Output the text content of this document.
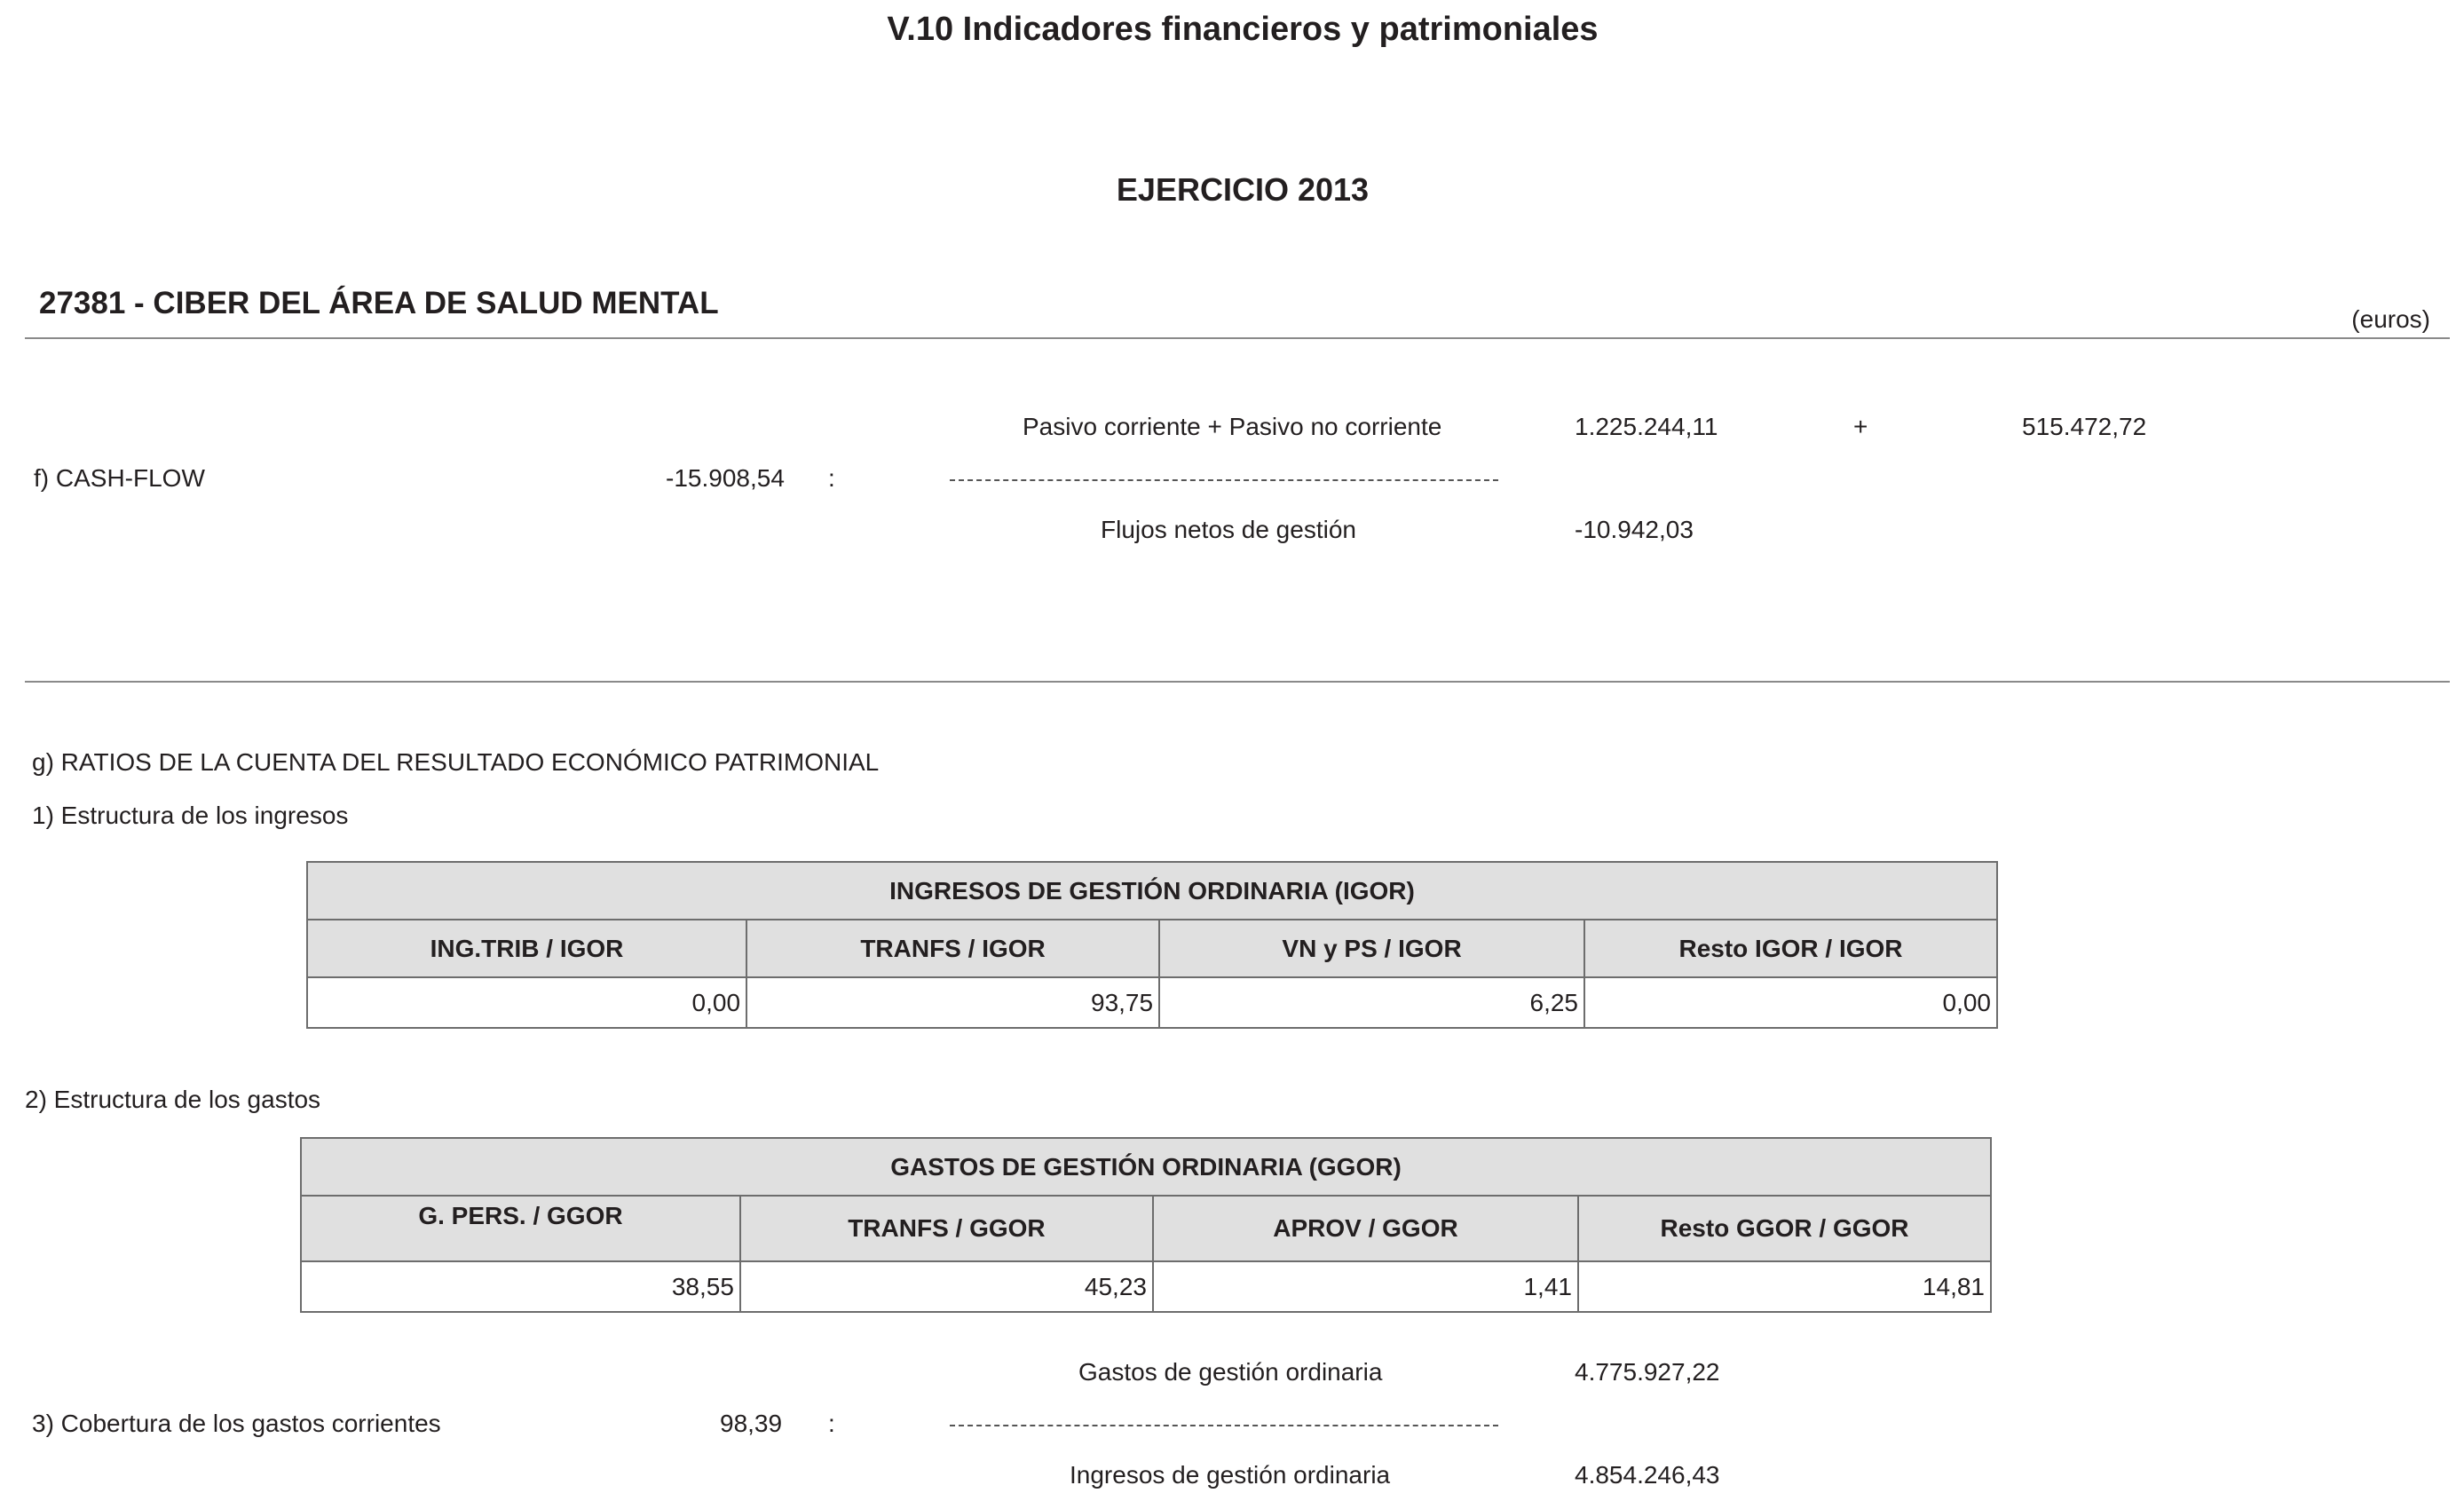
V.10 Indicadores financieros y patrimoniales
EJERCICIO 2013
27381 - CIBER DEL ÁREA DE SALUD MENTAL	(euros)
Pasivo corriente + Pasivo no corriente	1.225.244,11	+	515.472,72
f) CASH-FLOW	-15.908,54 :
Flujos netos de gestión	-10.942,03
g) RATIOS DE LA CUENTA DEL RESULTADO ECONÓMICO PATRIMONIAL
1) Estructura de los ingresos
INGRESOS DE GESTIÓN ORDINARIA (IGOR)			
ING.TRIB / IGOR	TRANFS / IGOR	VN y PS / IGOR	Resto IGOR / IGOR
0,00	93,75	6,25	0,00
2) Estructura de los gastos
GASTOS DE GESTIÓN ORDINARIA (GGOR)			
G. PERS. / GGOR	TRANFS / GGOR	APROV / GGOR	Resto GGOR / GGOR
38,55	45,23	1,41	14,81
Gastos de gestión ordinaria	4.775.927,22
3) Cobertura de los gastos corrientes	98,39 :
Ingresos de gestión ordinaria	4.854.246,43
